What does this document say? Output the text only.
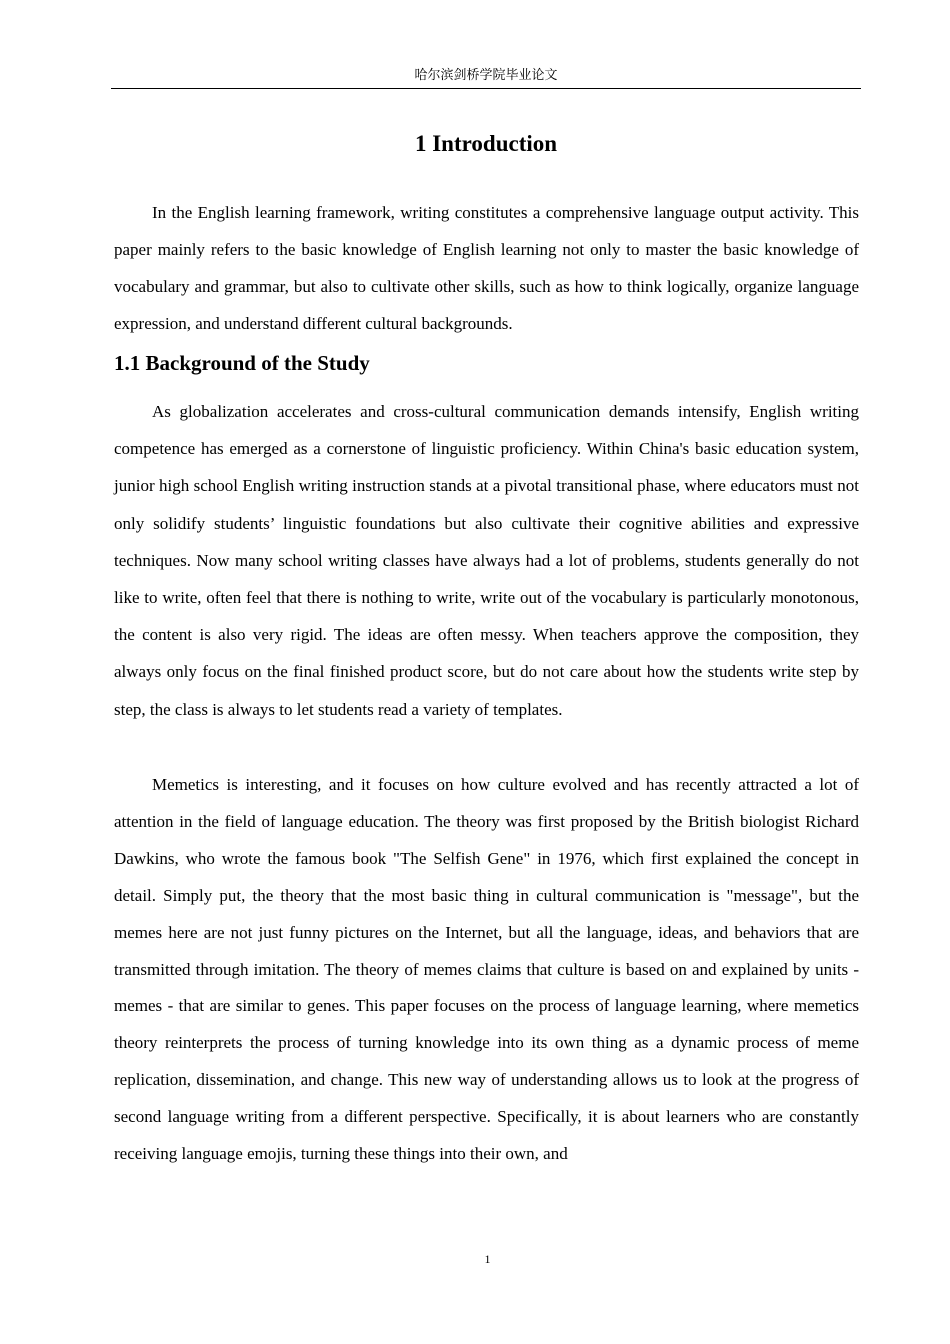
哈尔滨剑桥学院毕业论文
1 Introduction

In the English learning framework, writing constitutes a comprehensive language output activity. This paper mainly refers to the basic knowledge of English learning not only to master the basic knowledge of vocabulary and grammar, but also to cultivate other skills, such as how to think logically, organize language expression, and understand different cultural backgrounds.

1.1 Background of the Study

As globalization accelerates and cross-cultural communication demands intensify, English writing competence has emerged as a cornerstone of linguistic proficiency. Within China's basic education system, junior high school English writing instruction stands at a pivotal transitional phase, where educators must not only solidify students’ linguistic foundations but also cultivate their cognitive abilities and expressive techniques. Now many school writing classes have always had a lot of problems, students generally do not like to write, often feel that there is nothing to write, write out of the vocabulary is particularly monotonous, the content is also very rigid. The ideas are often messy. When teachers approve the composition, they always only focus on the final finished product score, but do not care about how the students write step by step, the class is always to let students read a variety of templates.

Memetics is interesting, and it focuses on how culture evolved and has recently attracted a lot of attention in the field of language education. The theory was first proposed by the British biologist Richard Dawkins, who wrote the famous book "The Selfish Gene" in 1976, which first explained the concept in detail. Simply put, the theory that the most basic thing in cultural communication is "message", but the memes here are not just funny pictures on the Internet, but all the language, ideas, and behaviors that are transmitted through imitation. The theory of memes claims that culture is based on and explained by units - memes - that are similar to genes. This paper focuses on the process of language learning, where memetics theory reinterprets the process of turning knowledge into its own thing as a dynamic process of meme replication, dissemination, and change. This new way of understanding allows us to look at the progress of second language writing from a different perspective. Specifically, it is about learners who are constantly receiving language emojis, turning these things into their own, and

1
